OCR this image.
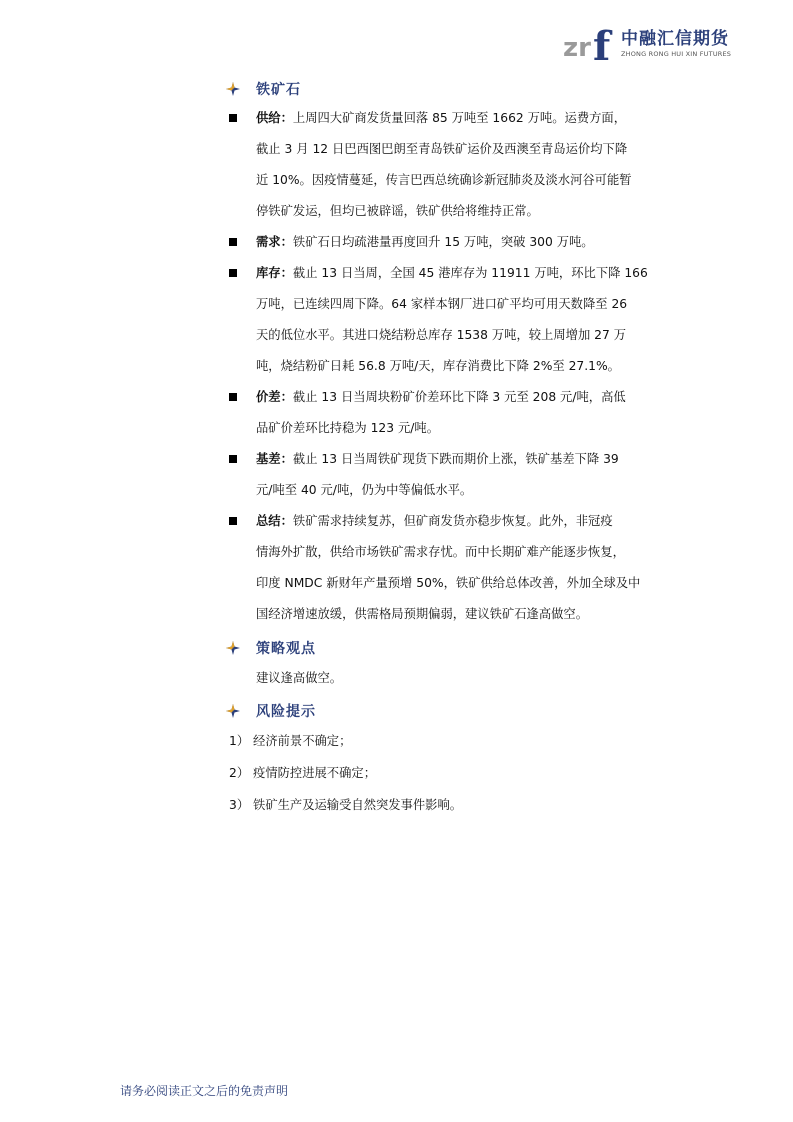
zr f 中融汇信期货
ZHONG RONG HUI XIN FUTURES
铁矿石
供给：上周四大矿商发货量回落 85 万吨至 1662 万吨。运费方面，
截止 3 月 12 日巴西图巴朗至青岛铁矿运价及西澳至青岛运价均下降
近 10%。因疫情蔓延，传言巴西总统确诊新冠肺炎及淡水河谷可能暂
停铁矿发运，但均已被辟谣，铁矿供给将维持正常。
需求：铁矿石日均疏港量再度回升 15 万吨，突破 300 万吨。
库存：截止 13 日当周，全国 45 港库存为 11911 万吨，环比下降 166
万吨，已连续四周下降。64 家样本钢厂进口矿平均可用天数降至 26
天的低位水平。其进口烧结粉总库存 1538 万吨，较上周增加 27 万
吨，烧结粉矿日耗 56.8 万吨/天，库存消费比下降 2%至 27.1%。
价差：截止 13 日当周块粉矿价差环比下降 3 元至 208 元/吨，高低
品矿价差环比持稳为 123 元/吨。
基差：截止 13 日当周铁矿现货下跌而期价上涨，铁矿基差下降 39
元/吨至 40 元/吨，仍为中等偏低水平。
总结：铁矿需求持续复苏，但矿商发货亦稳步恢复。此外，非冠疫
情海外扩散，供给市场铁矿需求存忧。而中长期矿难产能逐步恢复，
印度 NMDC 新财年产量预增 50%，铁矿供给总体改善，外加全球及中
国经济增速放缓，供需格局预期偏弱，建议铁矿石逢高做空。
策略观点
建议逢高做空。
风险提示
1） 经济前景不确定；
2） 疫情防控进展不确定；
3） 铁矿生产及运输受自然突发事件影响。
请务必阅读正文之后的免责声明
